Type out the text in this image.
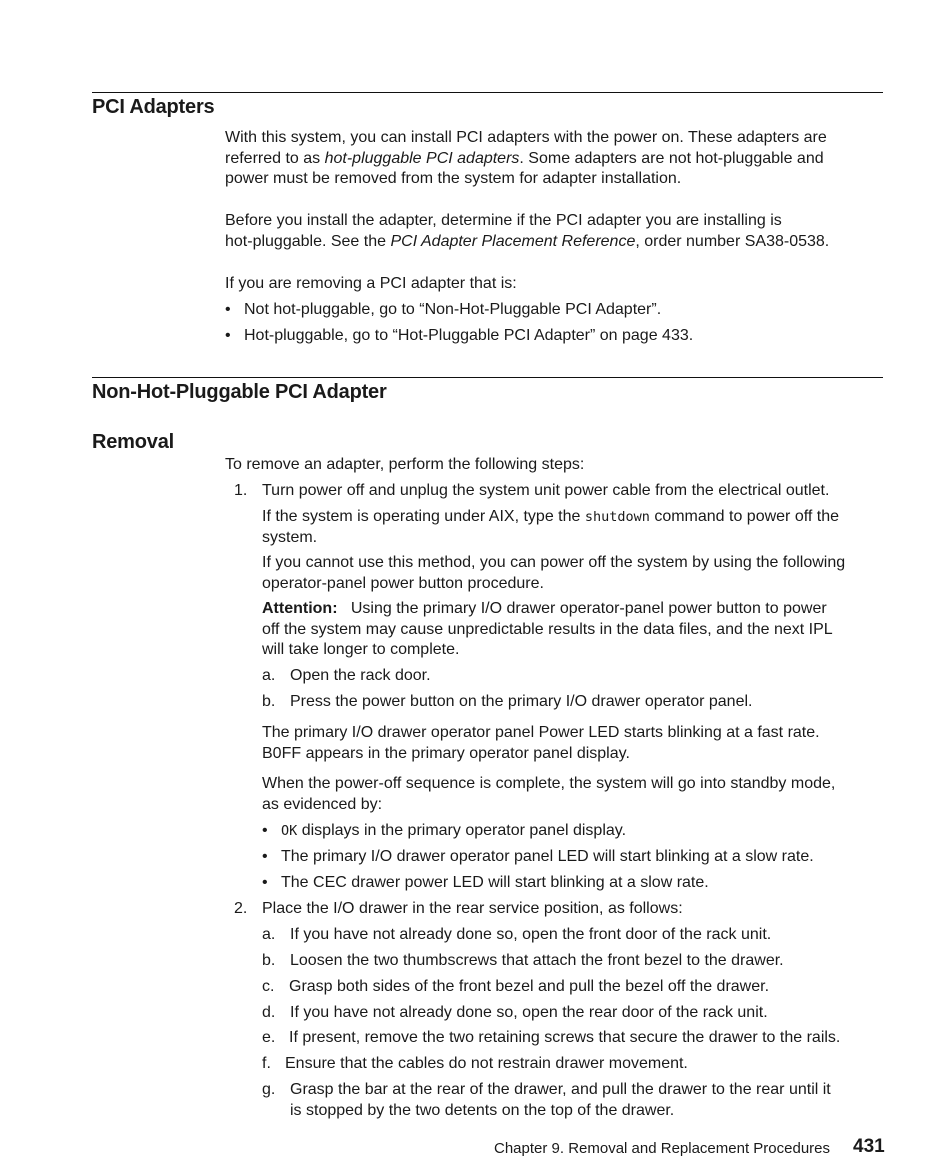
PCI Adapters
With this system, you can install PCI adapters with the power on. These adapters are
referred to as hot-pluggable PCI adapters. Some adapters are not hot-pluggable and
power must be removed from the system for adapter installation.
Before you install the adapter, determine if the PCI adapter you are installing is
hot-pluggable. See the PCI Adapter Placement Reference, order number SA38-0538.
If you are removing a PCI adapter that is:
• Not hot-pluggable, go to “Non-Hot-Pluggable PCI Adapter”.
• Hot-pluggable, go to “Hot-Pluggable PCI Adapter” on page 433.
Non-Hot-Pluggable PCI Adapter
Removal
To remove an adapter, perform the following steps:
1. Turn power off and unplug the system unit power cable from the electrical outlet.
If the system is operating under AIX, type the shutdown command to power off the
system.
If you cannot use this method, you can power off the system by using the following
operator-panel power button procedure.
Attention: Using the primary I/O drawer operator-panel power button to power
off the system may cause unpredictable results in the data files, and the next IPL
will take longer to complete.
a. Open the rack door.
b. Press the power button on the primary I/O drawer operator panel.
The primary I/O drawer operator panel Power LED starts blinking at a fast rate.
B0FF appears in the primary operator panel display.
When the power-off sequence is complete, the system will go into standby mode,
as evidenced by:
• OK displays in the primary operator panel display.
• The primary I/O drawer operator panel LED will start blinking at a slow rate.
• The CEC drawer power LED will start blinking at a slow rate.
2. Place the I/O drawer in the rear service position, as follows:
a. If you have not already done so, open the front door of the rack unit.
b. Loosen the two thumbscrews that attach the front bezel to the drawer.
c. Grasp both sides of the front bezel and pull the bezel off the drawer.
d. If you have not already done so, open the rear door of the rack unit.
e. If present, remove the two retaining screws that secure the drawer to the rails.
f. Ensure that the cables do not restrain drawer movement.
g. Grasp the bar at the rear of the drawer, and pull the drawer to the rear until it
is stopped by the two detents on the top of the drawer.
Chapter 9. Removal and Replacement Procedures 431
